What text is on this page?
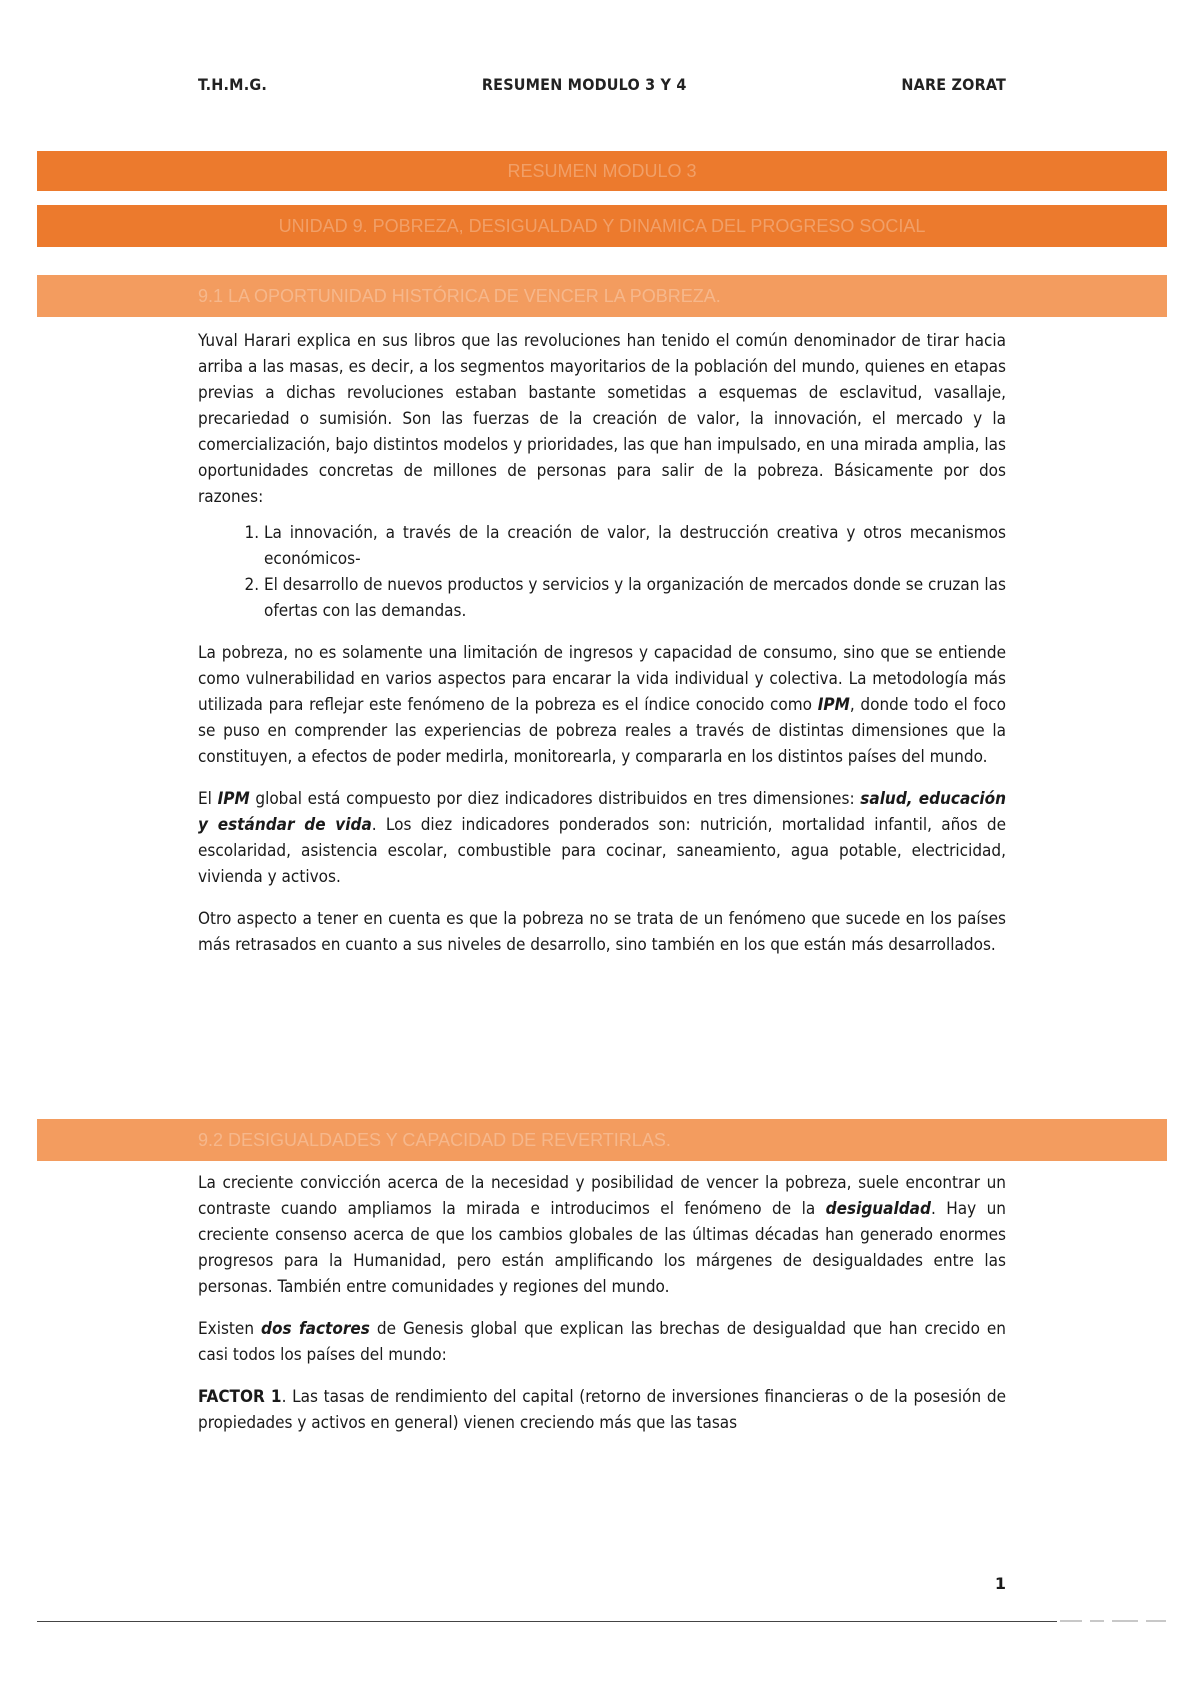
T.H.M.G.	RESUMEN MODULO 3 Y 4	NARE ZORAT
RESUMEN MODULO 3
UNIDAD 9. POBREZA, DESIGUALDAD Y DINAMICA DEL PROGRESO SOCIAL
9.1 LA OPORTUNIDAD HISTÓRICA DE VENCER LA POBREZA.

Yuval Harari explica en sus libros que las revoluciones han tenido el común denominador de tirar hacia arriba a las masas, es decir, a los segmentos mayoritarios de la población del mundo, quienes en etapas previas a dichas revoluciones estaban bastante sometidas a esquemas de esclavitud, vasallaje, precariedad o sumisión. Son las fuerzas de la creación de valor, la innovación, el mercado y la comercialización, bajo distintos modelos y prioridades, las que han impulsado, en una mirada amplia, las oportunidades concretas de millones de personas para salir de la pobreza. Básicamente por dos razones:

1. La innovación, a través de la creación de valor, la destrucción creativa y otros mecanismos económicos-
2. El desarrollo de nuevos productos y servicios y la organización de mercados donde se cruzan las ofertas con las demandas.

La pobreza, no es solamente una limitación de ingresos y capacidad de consumo, sino que se entiende como vulnerabilidad en varios aspectos para encarar la vida individual y colectiva. La metodología más utilizada para reflejar este fenómeno de la pobreza es el índice conocido como IPM, donde todo el foco se puso en comprender las experiencias de pobreza reales a través de distintas dimensiones que la constituyen, a efectos de poder medirla, monitorearla, y compararla en los distintos países del mundo.

El IPM global está compuesto por diez indicadores distribuidos en tres dimensiones: salud, educación y estándar de vida. Los diez indicadores ponderados son: nutrición, mortalidad infantil, años de escolaridad, asistencia escolar, combustible para cocinar, saneamiento, agua potable, electricidad, vivienda y activos.

Otro aspecto a tener en cuenta es que la pobreza no se trata de un fenómeno que sucede en los países más retrasados en cuanto a sus niveles de desarrollo, sino también en los que están más desarrollados.

9.2 DESIGUALDADES Y CAPACIDAD DE REVERTIRLAS.

La creciente convicción acerca de la necesidad y posibilidad de vencer la pobreza, suele encontrar un contraste cuando ampliamos la mirada e introducimos el fenómeno de la desigualdad. Hay un creciente consenso acerca de que los cambios globales de las últimas décadas han generado enormes progresos para la Humanidad, pero están amplificando los márgenes de desigualdades entre las personas. También entre comunidades y regiones del mundo.

Existen dos factores de Genesis global que explican las brechas de desigualdad que han crecido en casi todos los países del mundo:

FACTOR 1. Las tasas de rendimiento del capital (retorno de inversiones financieras o de la posesión de propiedades y activos en general) vienen creciendo más que las tasas

1
